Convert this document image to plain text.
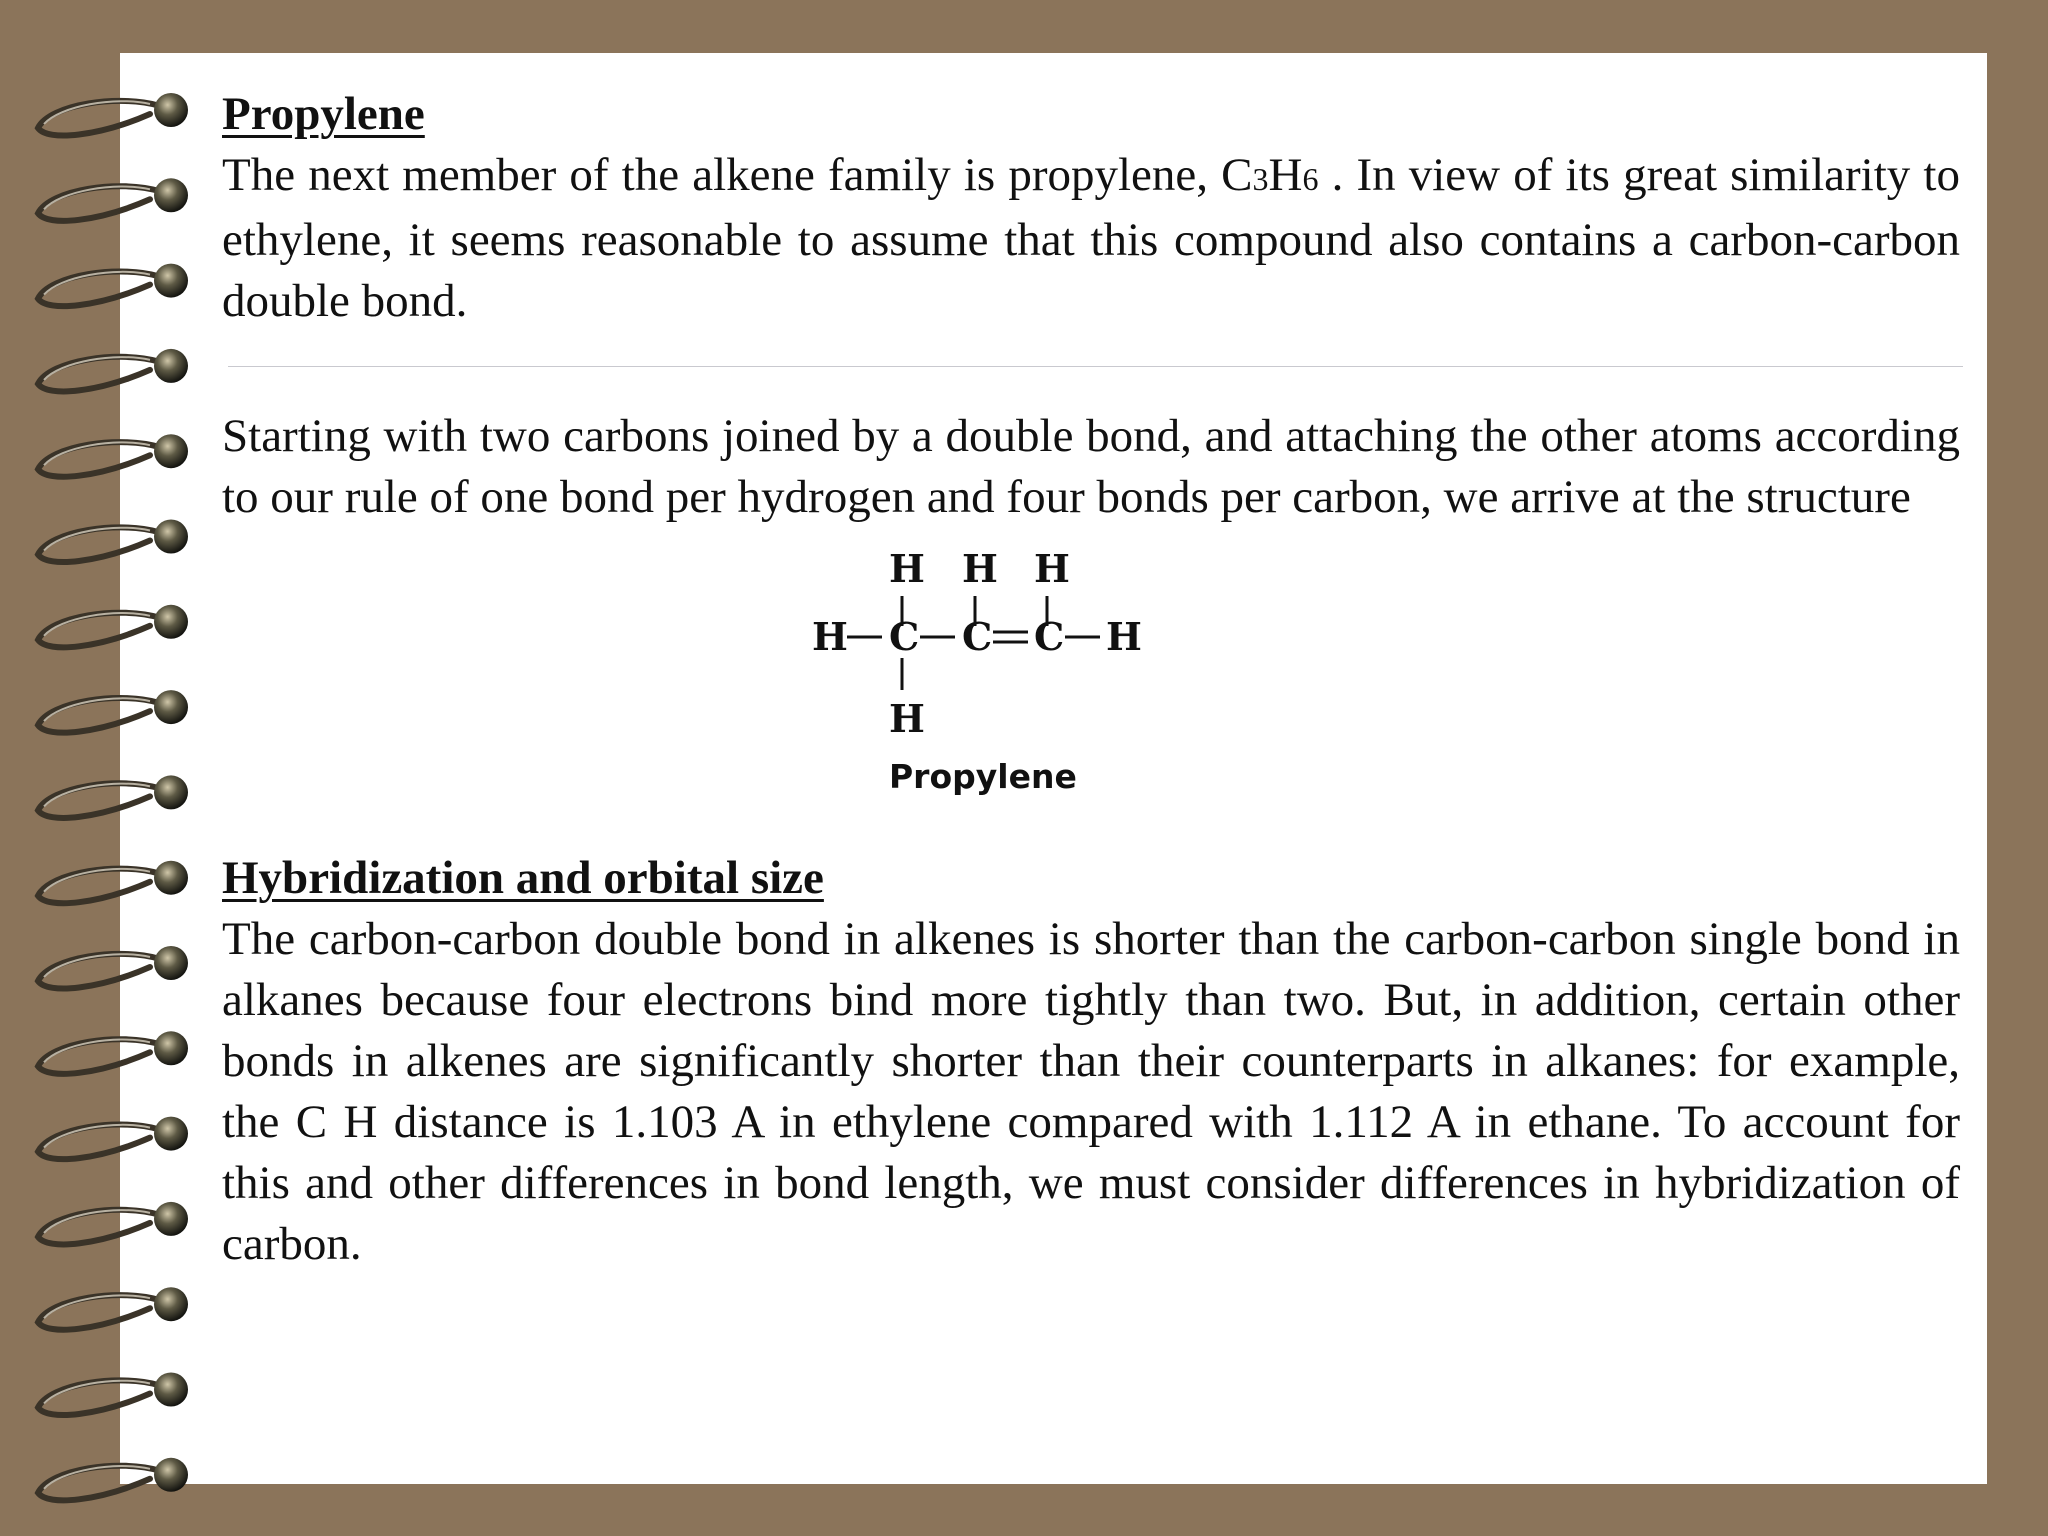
Propylene

The next member of the alkene family is propylene, C3H6 . In view of its great similarity to ethylene, it seems reasonable to assume that this compound also contains a carbon-carbon double bond.

Starting with two carbons joined by a double bond, and attaching the other atoms according to our rule of one bond per hydrogen and four bonds per carbon, we arrive at the structure

H H H
H C C C H
H
Propylene

Hybridization and orbital size

The carbon-carbon double bond in alkenes is shorter than the carbon-carbon single bond in alkanes because four electrons bind more tightly than two. But, in addition, certain other bonds in alkenes are significantly shorter than their counterparts in alkanes: for example, the C H distance is 1.103 A in ethylene compared with 1.112 A in ethane. To account for this and other differences in bond length, we must consider differences in hybridization of carbon.
